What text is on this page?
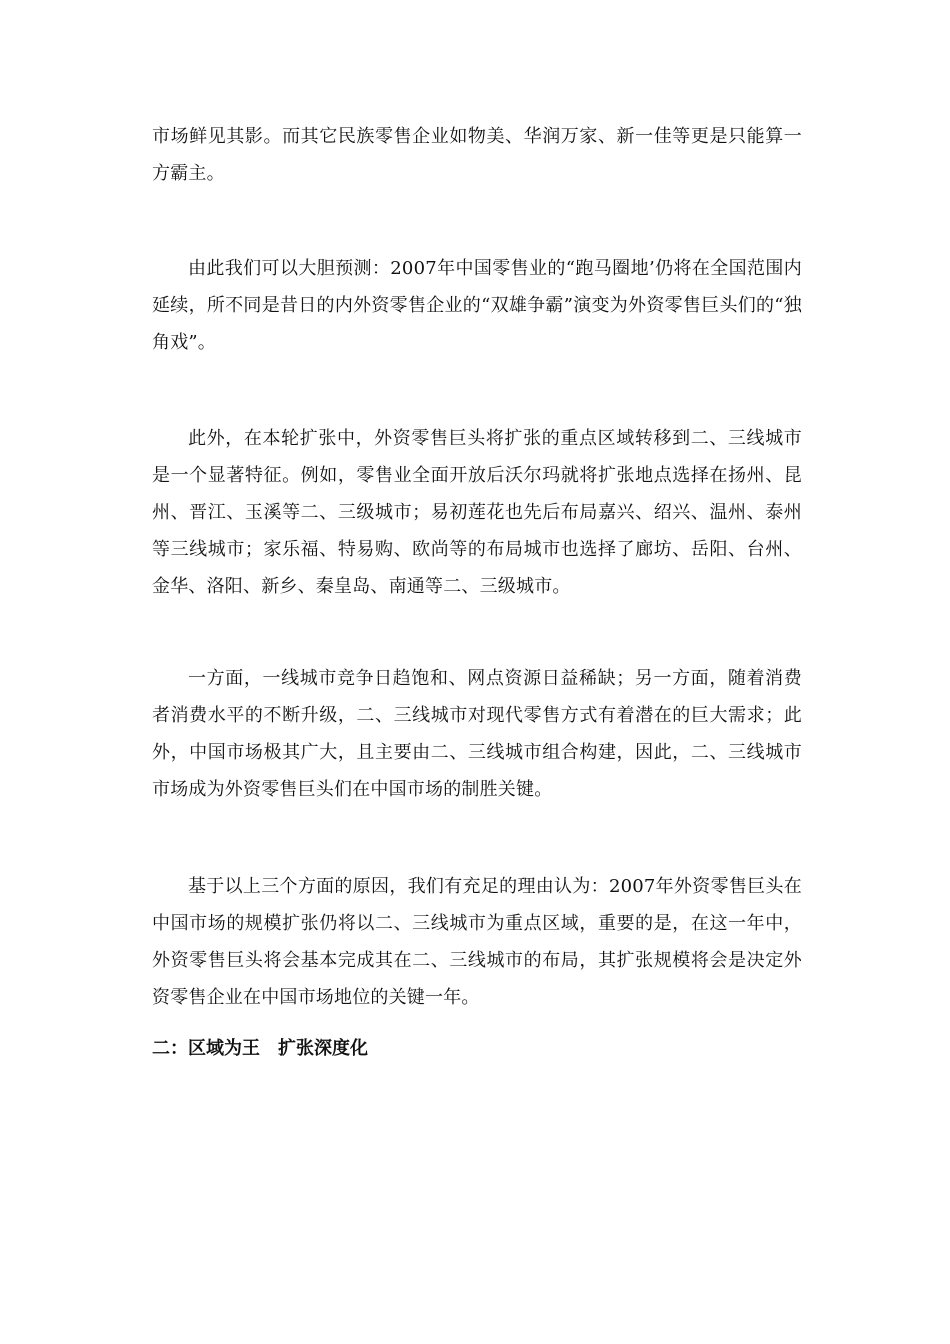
市场鲜见其影。而其它民族零售企业如物美、华润万家、新一佳等更是只能算一方霸主。

由此我们可以大胆预测：2007年中国零售业的“跑马圈地’仍将在全国范围内延续，所不同是昔日的内外资零售企业的“双雄争霸”演变为外资零售巨头们的“独角戏”。

此外，在本轮扩张中，外资零售巨头将扩张的重点区域转移到二、三线城市是一个显著特征。例如，零售业全面开放后沃尔玛就将扩张地点选择在扬州、昆州、晋江、玉溪等二、三级城市；易初莲花也先后布局嘉兴、绍兴、温州、泰州等三线城市；家乐福、特易购、欧尚等的布局城市也选择了廊坊、岳阳、台州、金华、洛阳、新乡、秦皇岛、南通等二、三级城市。

一方面，一线城市竞争日趋饱和、网点资源日益稀缺；另一方面，随着消费者消费水平的不断升级，二、三线城市对现代零售方式有着潜在的巨大需求；此外，中国市场极其广大，且主要由二、三线城市组合构建，因此，二、三线城市市场成为外资零售巨头们在中国市场的制胜关键。

基于以上三个方面的原因，我们有充足的理由认为：2007年外资零售巨头在中国市场的规模扩张仍将以二、三线城市为重点区域，重要的是，在这一年中，外资零售巨头将会基本完成其在二、三线城市的布局，其扩张规模将会是决定外资零售企业在中国市场地位的关键一年。

二：区域为王　扩张深度化
